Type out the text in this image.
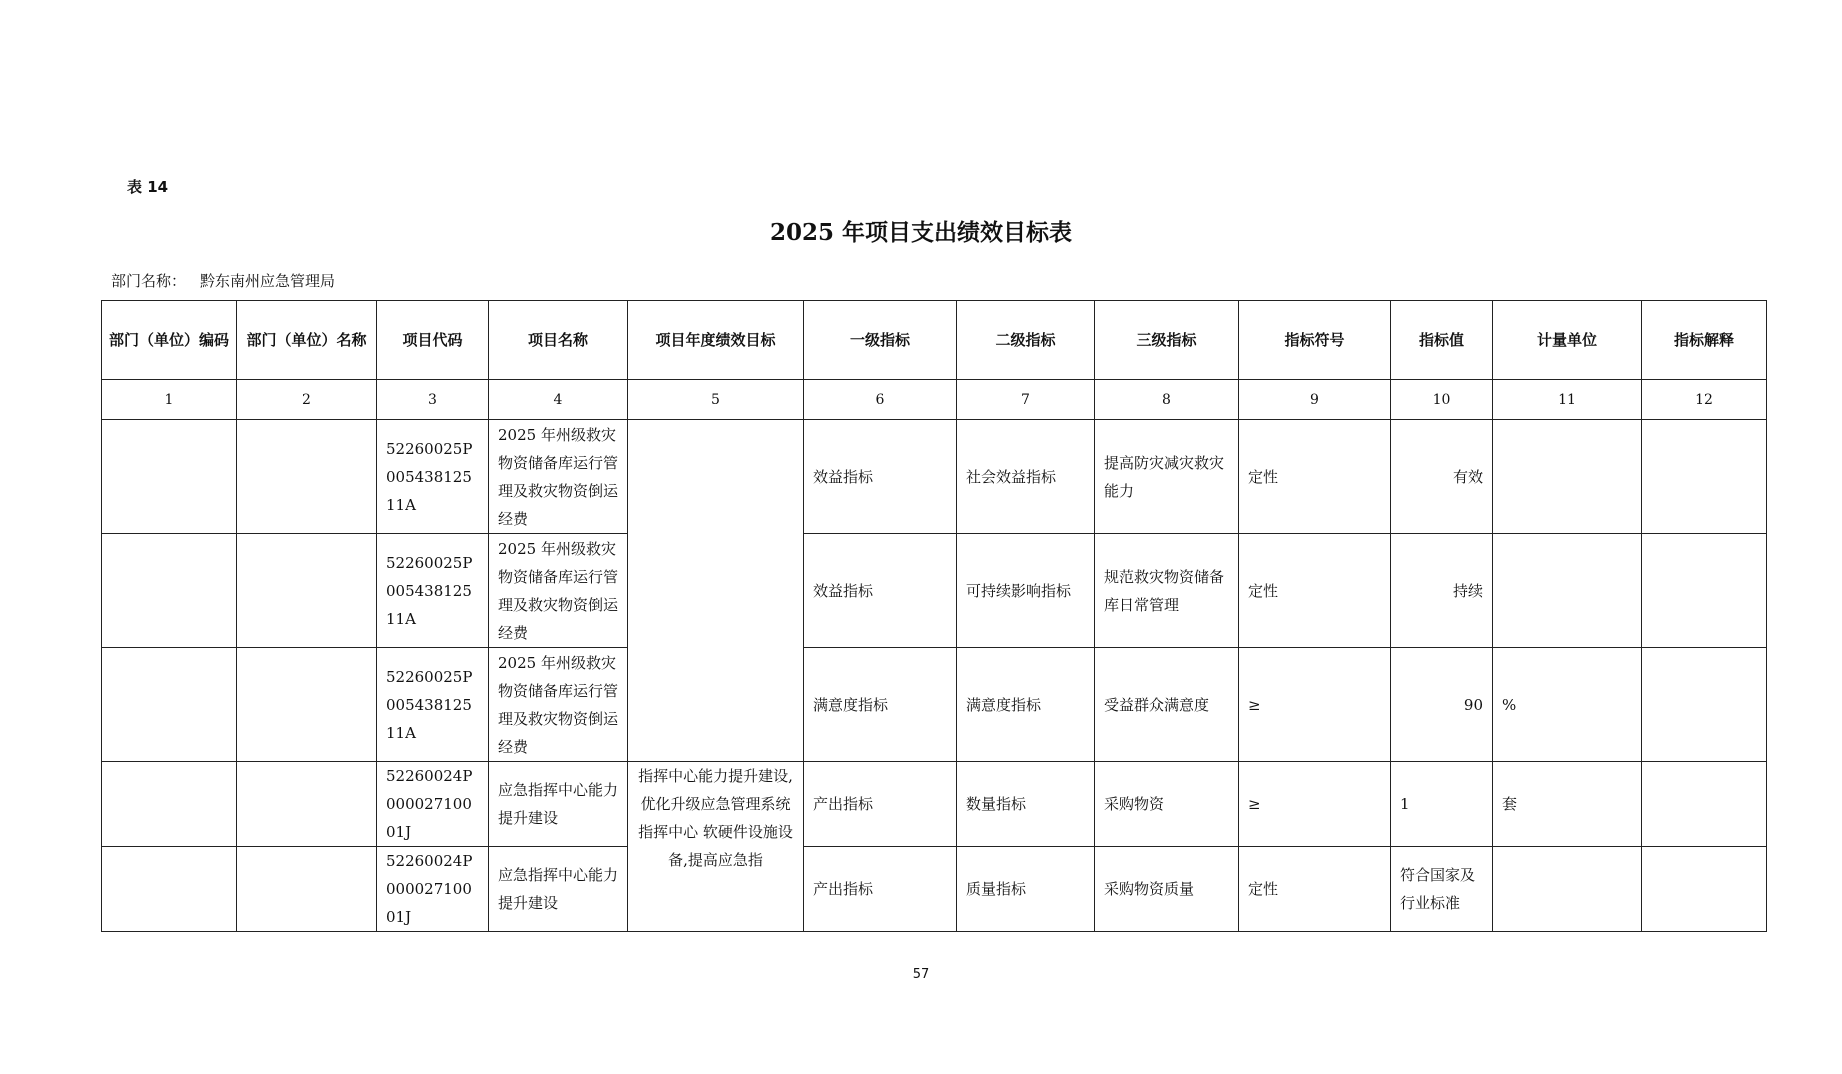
表 14
2025 年项目支出绩效目标表
部门名称： 黔东南州应急管理局
部门（单位）编码	部门（单位）名称	项目代码	项目名称	项目年度绩效目标	一级指标	二级指标	三级指标	指标符号	指标值	计量单位	指标解释
1	2	3	4	5	6	7	8	9	10	11	12
		52260025P00543812511A	2025 年州级救灾物资储备库运行管理及救灾物资倒运经费		效益指标	社会效益指标	提高防灾减灾救灾能力	定性	有效		
		52260025P00543812511A	2025 年州级救灾物资储备库运行管理及救灾物资倒运经费		效益指标	可持续影响指标	规范救灾物资储备库日常管理	定性	持续		
		52260025P00543812511A	2025 年州级救灾物资储备库运行管理及救灾物资倒运经费		满意度指标	满意度指标	受益群众满意度	≥	90	%	
		52260024P00002710001J	应急指挥中心能力提升建设	指挥中心能力提升建设,优化升级应急管理系统指挥中心 软硬件设施设备,提高应急指	产出指标	数量指标	采购物资	≥	1	套	
		52260024P00002710001J	应急指挥中心能力提升建设		产出指标	质量指标	采购物资质量	定性	符合国家及行业标准		
57
